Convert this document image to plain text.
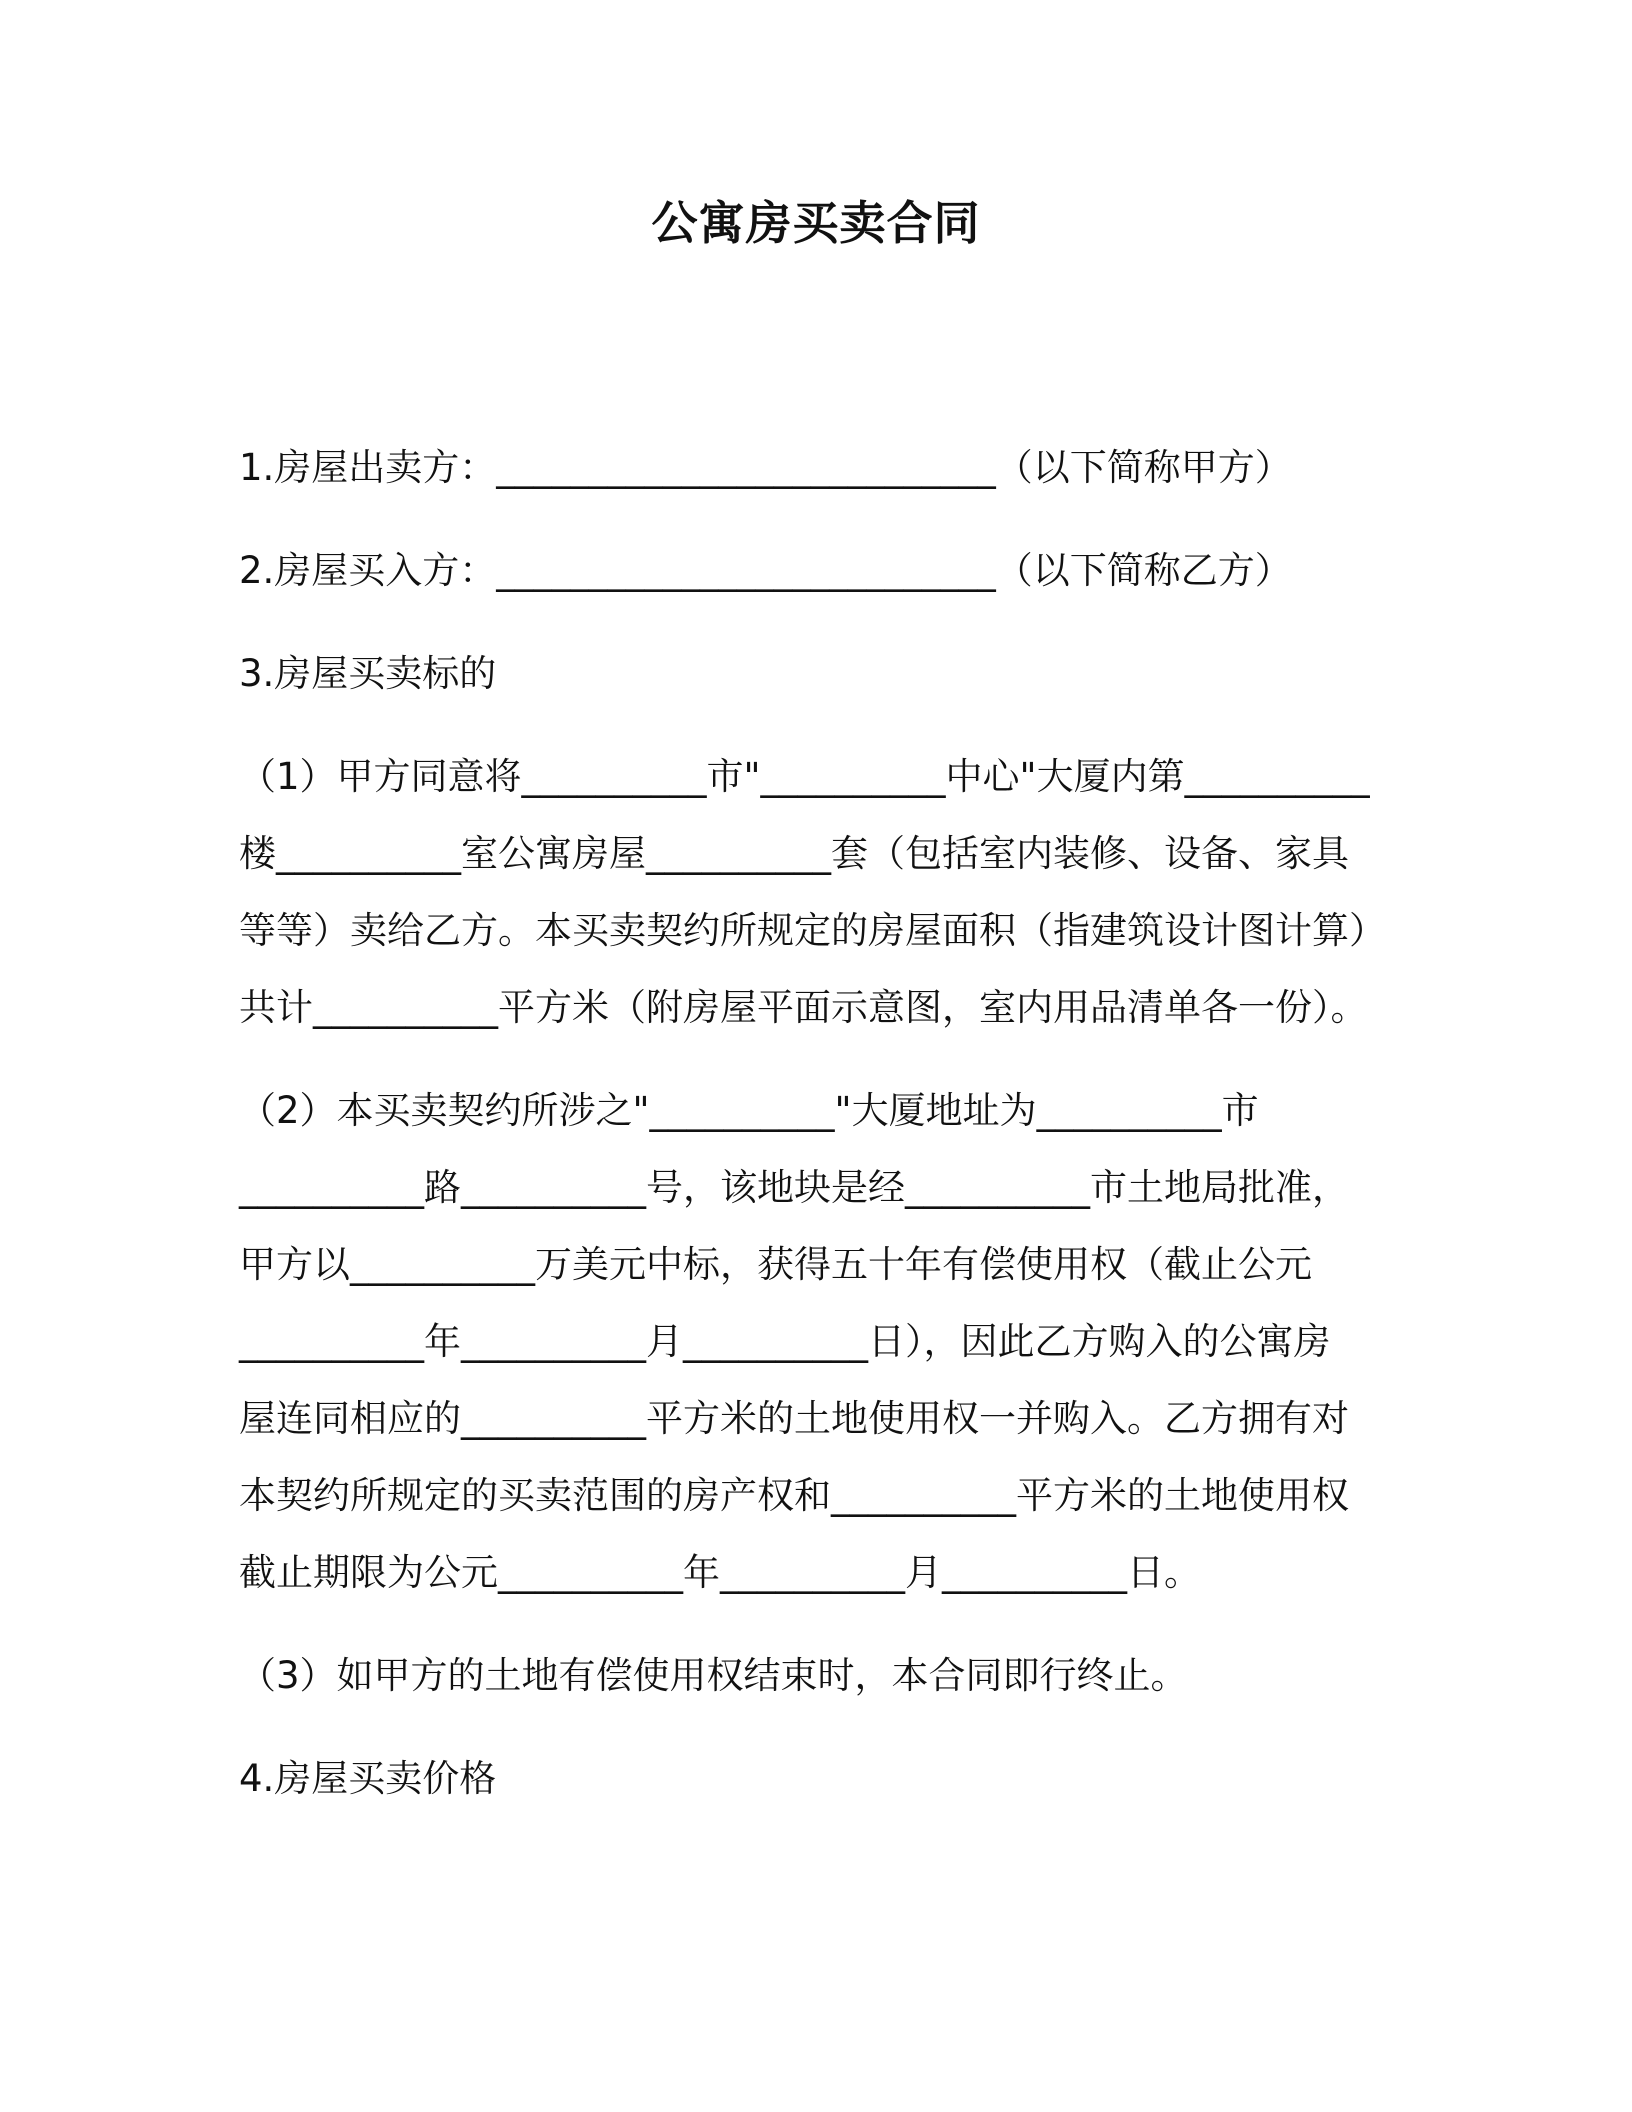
公寓房买卖合同
1.房屋出卖方：___________________________（以下简称甲方）
2.房屋买入方：___________________________（以下简称乙方）
3.房屋买卖标的
（1）甲方同意将__________市"__________中心"大厦内第__________
楼__________室公寓房屋__________套（包括室内装修、设备、家具
等等）卖给乙方。本买卖契约所规定的房屋面积（指建筑设计图计算）
共计__________平方米（附房屋平面示意图，室内用品清单各一份）。
（2）本买卖契约所涉之"__________"大厦地址为__________市
__________路__________号，该地块是经__________市土地局批准，
甲方以__________万美元中标，获得五十年有偿使用权（截止公元
__________年__________月__________日），因此乙方购入的公寓房
屋连同相应的__________平方米的土地使用权一并购入。乙方拥有对
本契约所规定的买卖范围的房产权和__________平方米的土地使用权
截止期限为公元__________年__________月__________日。
（3）如甲方的土地有偿使用权结束时，本合同即行终止。
4.房屋买卖价格
